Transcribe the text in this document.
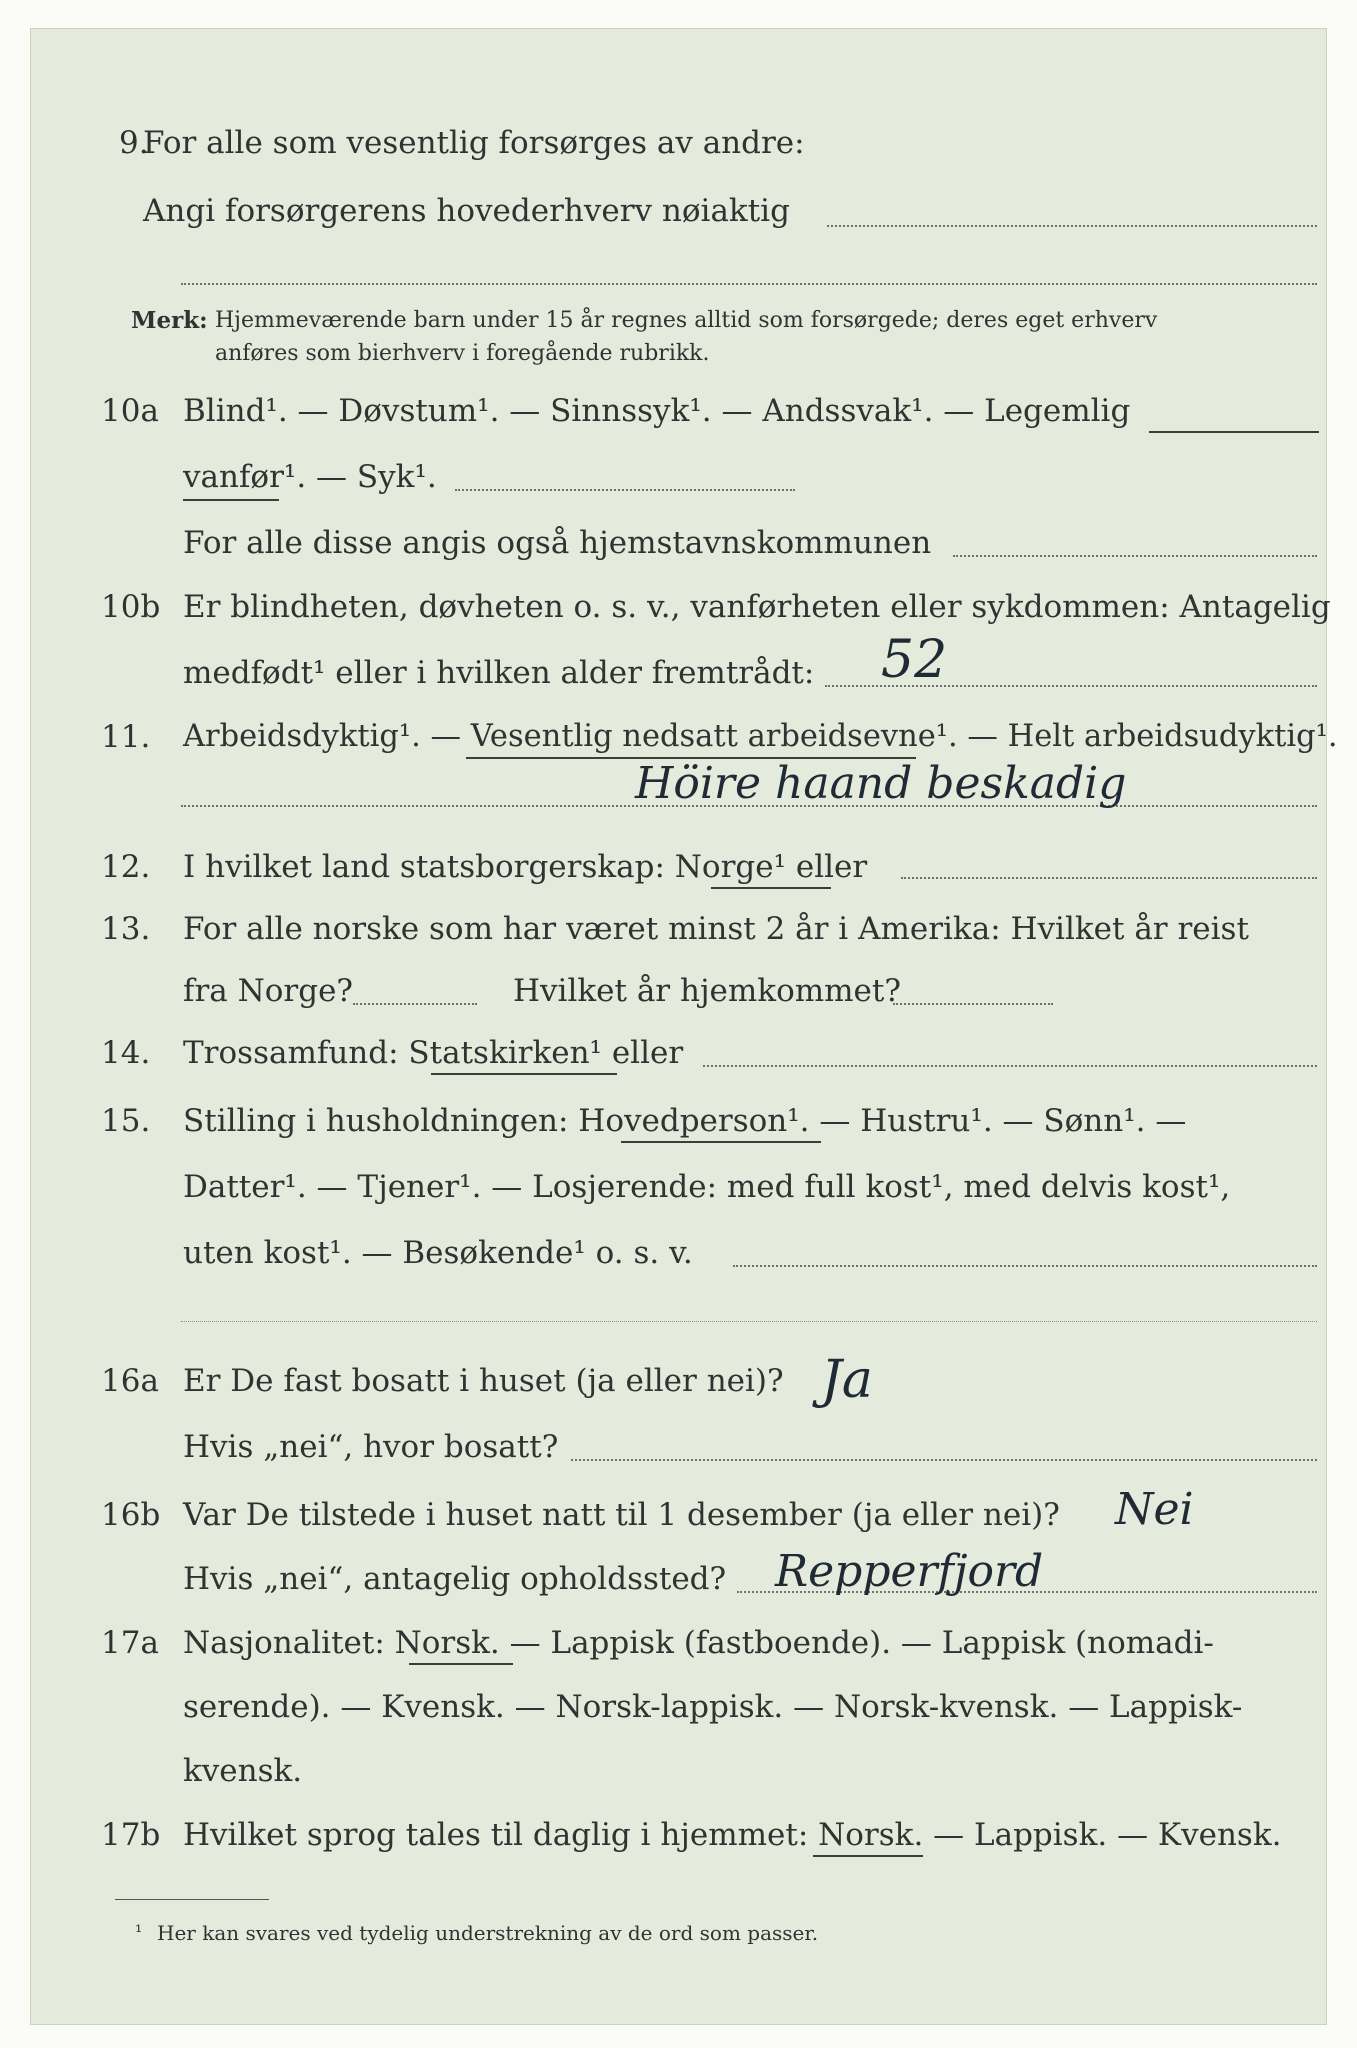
9.
For alle som vesentlig forsørges av andre:
Angi forsørgerens hovederhverv nøiaktig
Merk: Hjemmeværende barn under 15 år regnes alltid som forsørgede; deres eget erhverv
anføres som bierhverv i foregående rubrikk.
10a Blind¹. — Døvstum¹. — Sinnssyk¹. — Andssvak¹. — Legemlig
vanfør¹. — Syk¹.
For alle disse angis også hjemstavnskommunen
10b Er blindheten, døvheten o. s. v., vanførheten eller sykdommen: Antagelig
medfødt¹ eller i hvilken alder fremtrådt: 52
11. Arbeidsdyktig¹. — Vesentlig nedsatt arbeidsevne¹. — Helt arbeidsudyktig¹.
Höire haand beskadig
12. I hvilket land statsborgerskap: Norge¹ eller
13. For alle norske som har været minst 2 år i Amerika: Hvilket år reist
fra Norge?	Hvilket år hjemkommet?
14. Trossamfund: Statskirken¹ eller
15. Stilling i husholdningen: Hovedperson¹. — Hustru¹. — Sønn¹. —
Datter¹. — Tjener¹. — Losjerende: med full kost¹, med delvis kost¹,
uten kost¹. — Besøkende¹ o. s. v.
16a Er De fast bosatt i huset (ja eller nei)? Ja
Hvis „nei“, hvor bosatt?
16b Var De tilstede i huset natt til 1 desember (ja eller nei)? Nei
Hvis „nei“, antagelig opholdssted? Repperfjord
17a Nasjonalitet: Norsk. — Lappisk (fastboende). — Lappisk (nomadi-
serende). — Kvensk. — Norsk-lappisk. — Norsk-kvensk. — Lappisk-
kvensk.
17b Hvilket sprog tales til daglig i hjemmet: Norsk. — Lappisk. — Kvensk.
¹ Her kan svares ved tydelig understrekning av de ord som passer.
